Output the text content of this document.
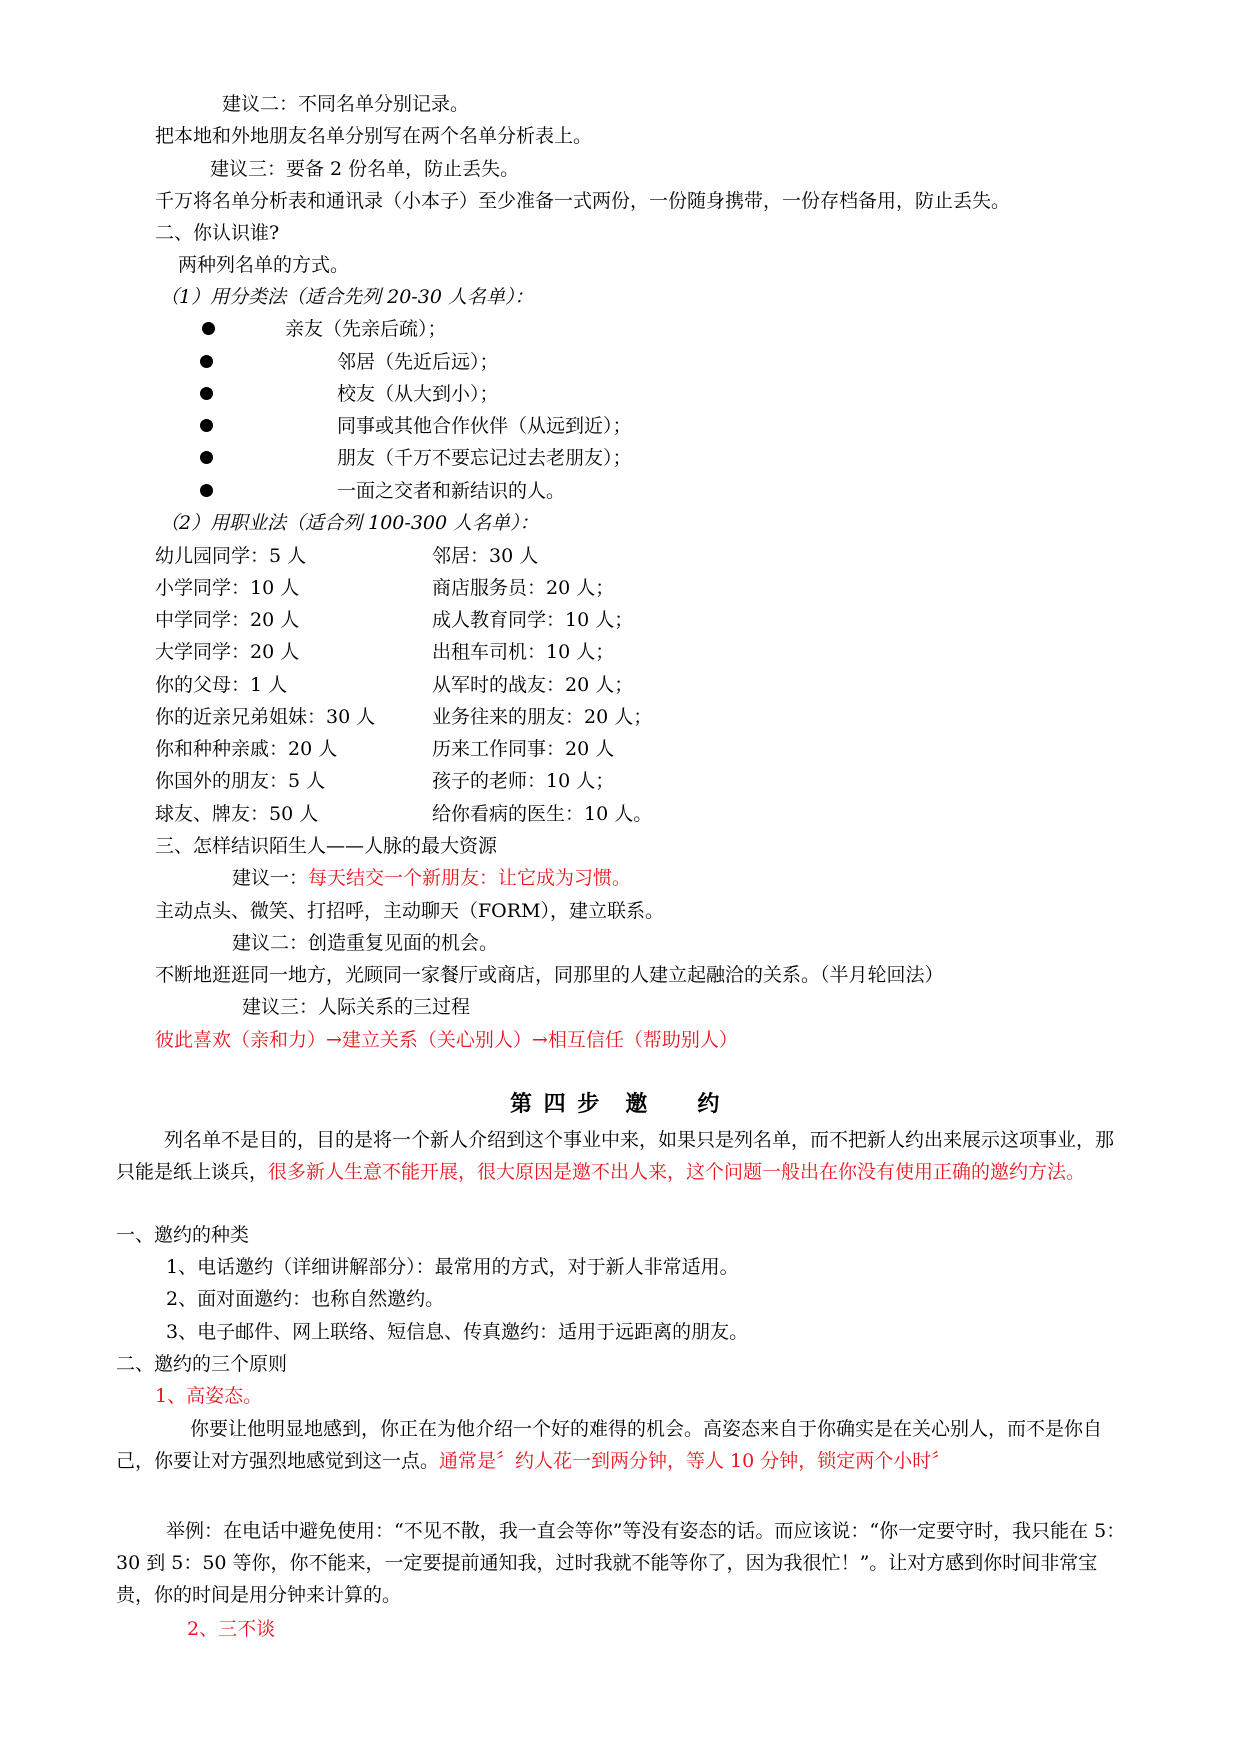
建议二：不同名单分别记录。
把本地和外地朋友名单分别写在两个名单分析表上。
建议三：要备 2 份名单，防止丢失。
千万将名单分析表和通讯录（小本子）至少准备一式两份，一份随身携带，一份存档备用，防止丢失。
二、你认识谁?
两种列名单的方式。
（1）用分类法（适合先列 20-30 人名单）：
亲友（先亲后疏）；
邻居（先近后远）；
校友（从大到小）；
同事或其他合作伙伴（从远到近）；
朋友（千万不要忘记过去老朋友）；
一面之交者和新结识的人。
（2）用职业法（适合列 100-300 人名单）：
幼儿园同学：5 人
小学同学：10 人
中学同学：20 人
大学同学：20 人
你的父母：1 人
你的近亲兄弟姐妹：30 人
你和种种亲戚：20 人
你国外的朋友：5 人
球友、牌友：50 人
邻居：30 人
商店服务员：20 人；
成人教育同学：10 人；
出租车司机：10 人；
从军时的战友：20 人；
业务往来的朋友：20 人；
历来工作同事：20 人
孩子的老师：10 人；
给你看病的医生：10 人。
三、怎样结识陌生人——人脉的最大资源
建议一：每天结交一个新朋友：让它成为习惯。
主动点头、微笑、打招呼，主动聊天（FORM），建立联系。
建议二：创造重复见面的机会。
不断地逛逛同一地方，光顾同一家餐厅或商店，同那里的人建立起融洽的关系。（半月轮回法）
建议三：人际关系的三过程
彼此喜欢（亲和力）→建立关系（关心别人）→相互信任（帮助别人）
第 四 步　邀　　约
列名单不是目的，目的是将一个新人介绍到这个事业中来，如果只是列名单，而不把新人约出来展示这项事业，那只能是纸上谈兵，很多新人生意不能开展，很大原因是邀不出人来，这个问题一般出在你没有使用正确的邀约方法。
一、邀约的种类
1、电话邀约（详细讲解部分）：最常用的方式，对于新人非常适用。
2、面对面邀约：也称自然邀约。
3、电子邮件、网上联络、短信息、传真邀约：适用于远距离的朋友。
二、邀约的三个原则
1、高姿态。
你要让他明显地感到，你正在为他介绍一个好的难得的机会。高姿态来自于你确实是在关心别人，而不是你自己，你要让对方强烈地感觉到这一点。通常是〞约人花一到两分钟，等人 10 分钟，锁定两个小时〞
举例：在电话中避免使用：“不见不散，我一直会等你”等没有姿态的话。而应该说：“你一定要守时，我只能在 5：30 到 5：50 等你，你不能来，一定要提前通知我，过时我就不能等你了，因为我很忙！”。让对方感到你时间非常宝贵，你的时间是用分钟来计算的。
2、三不谈
